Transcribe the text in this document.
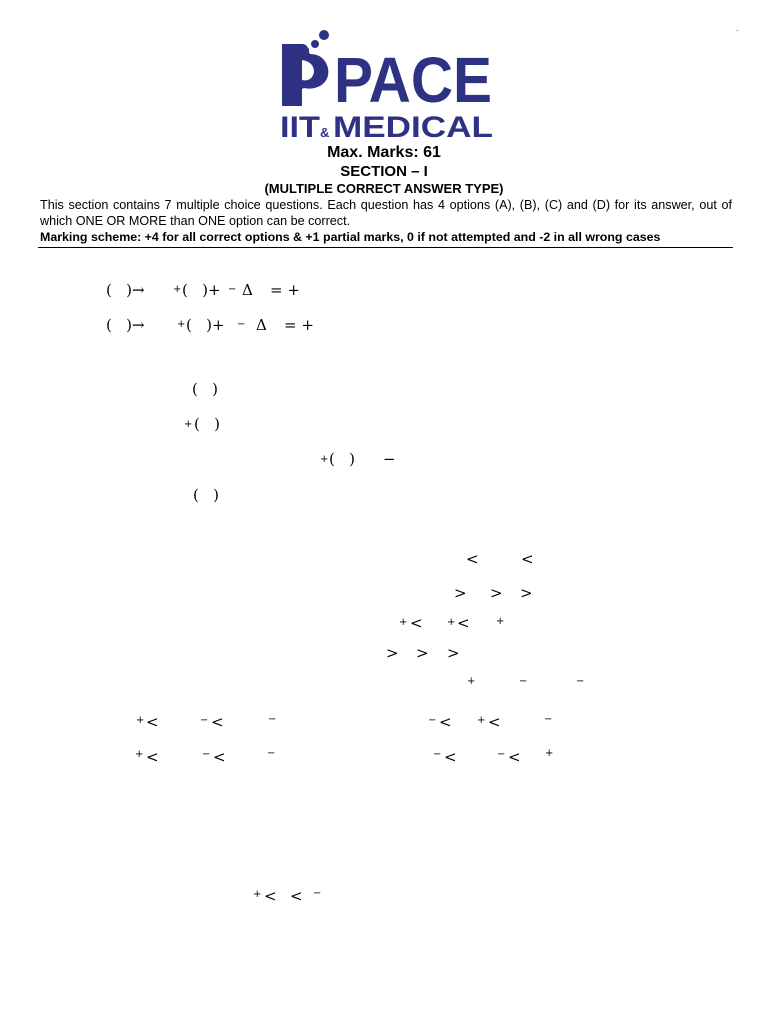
.
PACE
IIT & MEDICAL
Max. Marks: 61
SECTION – I
(MULTIPLE CORRECT ANSWER TYPE)
This section contains 7 multiple choice questions. Each question has 4 options (A), (B), (C) and (D) for its answer, out of which ONE OR MORE than ONE option can be correct.
Marking scheme: +4 for all correct options & +1 partial marks, 0 if not attempted and -2 in all wrong cases
(   )→	+ (   )+ − Δ = +
(   )→	+ (   )+ − Δ = +
(   )
+ (   )
+ (   ) −
(   )
<	<
> > >
+ < + <	+
> > >
+	−	−
+ <	− <	−	− <	+ <	−
+ <	− <	−	− <	− < +
+ < < −
